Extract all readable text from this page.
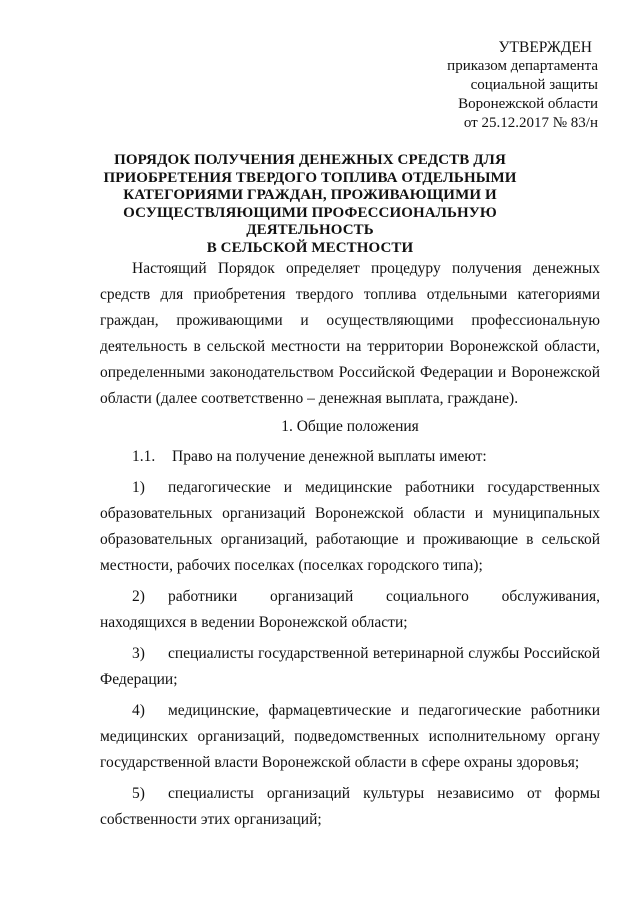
УТВЕРЖДЕН
приказом департамента
социальной защиты
Воронежской области
от 25.12.2017 № 83/н
ПОРЯДОК ПОЛУЧЕНИЯ ДЕНЕЖНЫХ СРЕДСТВ ДЛЯ
ПРИОБРЕТЕНИЯ ТВЕРДОГО ТОПЛИВА ОТДЕЛЬНЫМИ
КАТЕГОРИЯМИ ГРАЖДАН, ПРОЖИВАЮЩИМИ И
ОСУЩЕСТВЛЯЮЩИМИ ПРОФЕССИОНАЛЬНУЮ ДЕЯТЕЛЬНОСТЬ
В СЕЛЬСКОЙ МЕСТНОСТИ

Настоящий Порядок определяет процедуру получения денежных средств для приобретения твердого топлива отдельными категориями граждан, проживающими и осуществляющими профессиональную деятельность в сельской местности на территории Воронежской области, определенными законодательством Российской Федерации и Воронежской области (далее соответственно – денежная выплата, граждане).

1. Общие положения

1.1. Право на получение денежной выплаты имеют:

1) педагогические и медицинские работники государственных образовательных организаций Воронежской области и муниципальных образовательных организаций, работающие и проживающие в сельской местности, рабочих поселках (поселках городского типа);

2) работники организаций социального обслуживания, находящихся в ведении Воронежской области;

3) специалисты государственной ветеринарной службы Российской Федерации;

4) медицинские, фармацевтические и педагогические работники медицинских организаций, подведомственных исполнительному органу государственной власти Воронежской области в сфере охраны здоровья;

5) специалисты организаций культуры независимо от формы собственности этих организаций;
